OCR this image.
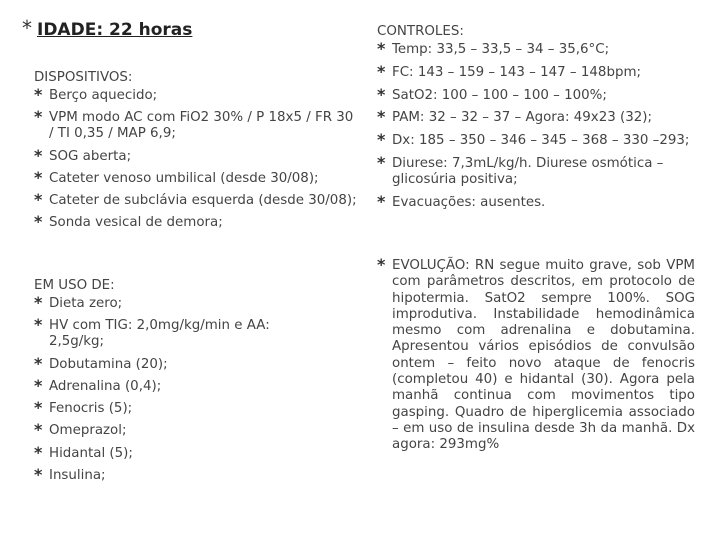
* IDADE: 22 horas
DISPOSITIVOS:
* Berço aquecido;
* VPM modo AC com FiO2 30% / P 18x5 / FR 30 / TI 0,35 / MAP 6,9;
* SOG aberta;
* Cateter venoso umbilical (desde 30/08);
* Cateter de subclávia esquerda (desde 30/08);
* Sonda vesical de demora;
EM USO DE:
* Dieta zero;
* HV com TIG: 2,0mg/kg/min e AA: 2,5g/kg;
* Dobutamina (20);
* Adrenalina (0,4);
* Fenocris (5);
* Omeprazol;
* Hidantal (5);
* Insulina;
CONTROLES:
* Temp: 33,5 – 33,5 – 34 – 35,6°C;
* FC: 143 – 159 – 143 – 147 – 148bpm;
* SatO2: 100 – 100 – 100 – 100%;
* PAM: 32 – 32 – 37 – Agora: 49x23 (32);
* Dx: 185 – 350 – 346 – 345 – 368 – 330 –293;
* Diurese: 7,3mL/kg/h. Diurese osmótica – glicosúria positiva;
* Evacuações: ausentes.
* EVOLUÇÃO: RN segue muito grave, sob VPM com parâmetros descritos, em protocolo de hipotermia. SatO2 sempre 100%. SOG improdutiva. Instabilidade hemodinâmica mesmo com adrenalina e dobutamina. Apresentou vários episódios de convulsão ontem – feito novo ataque de fenocris (completou 40) e hidantal (30). Agora pela manhã continua com movimentos tipo gasping. Quadro de hiperglicemia associado – em uso de insulina desde 3h da manhã. Dx agora: 293mg%
